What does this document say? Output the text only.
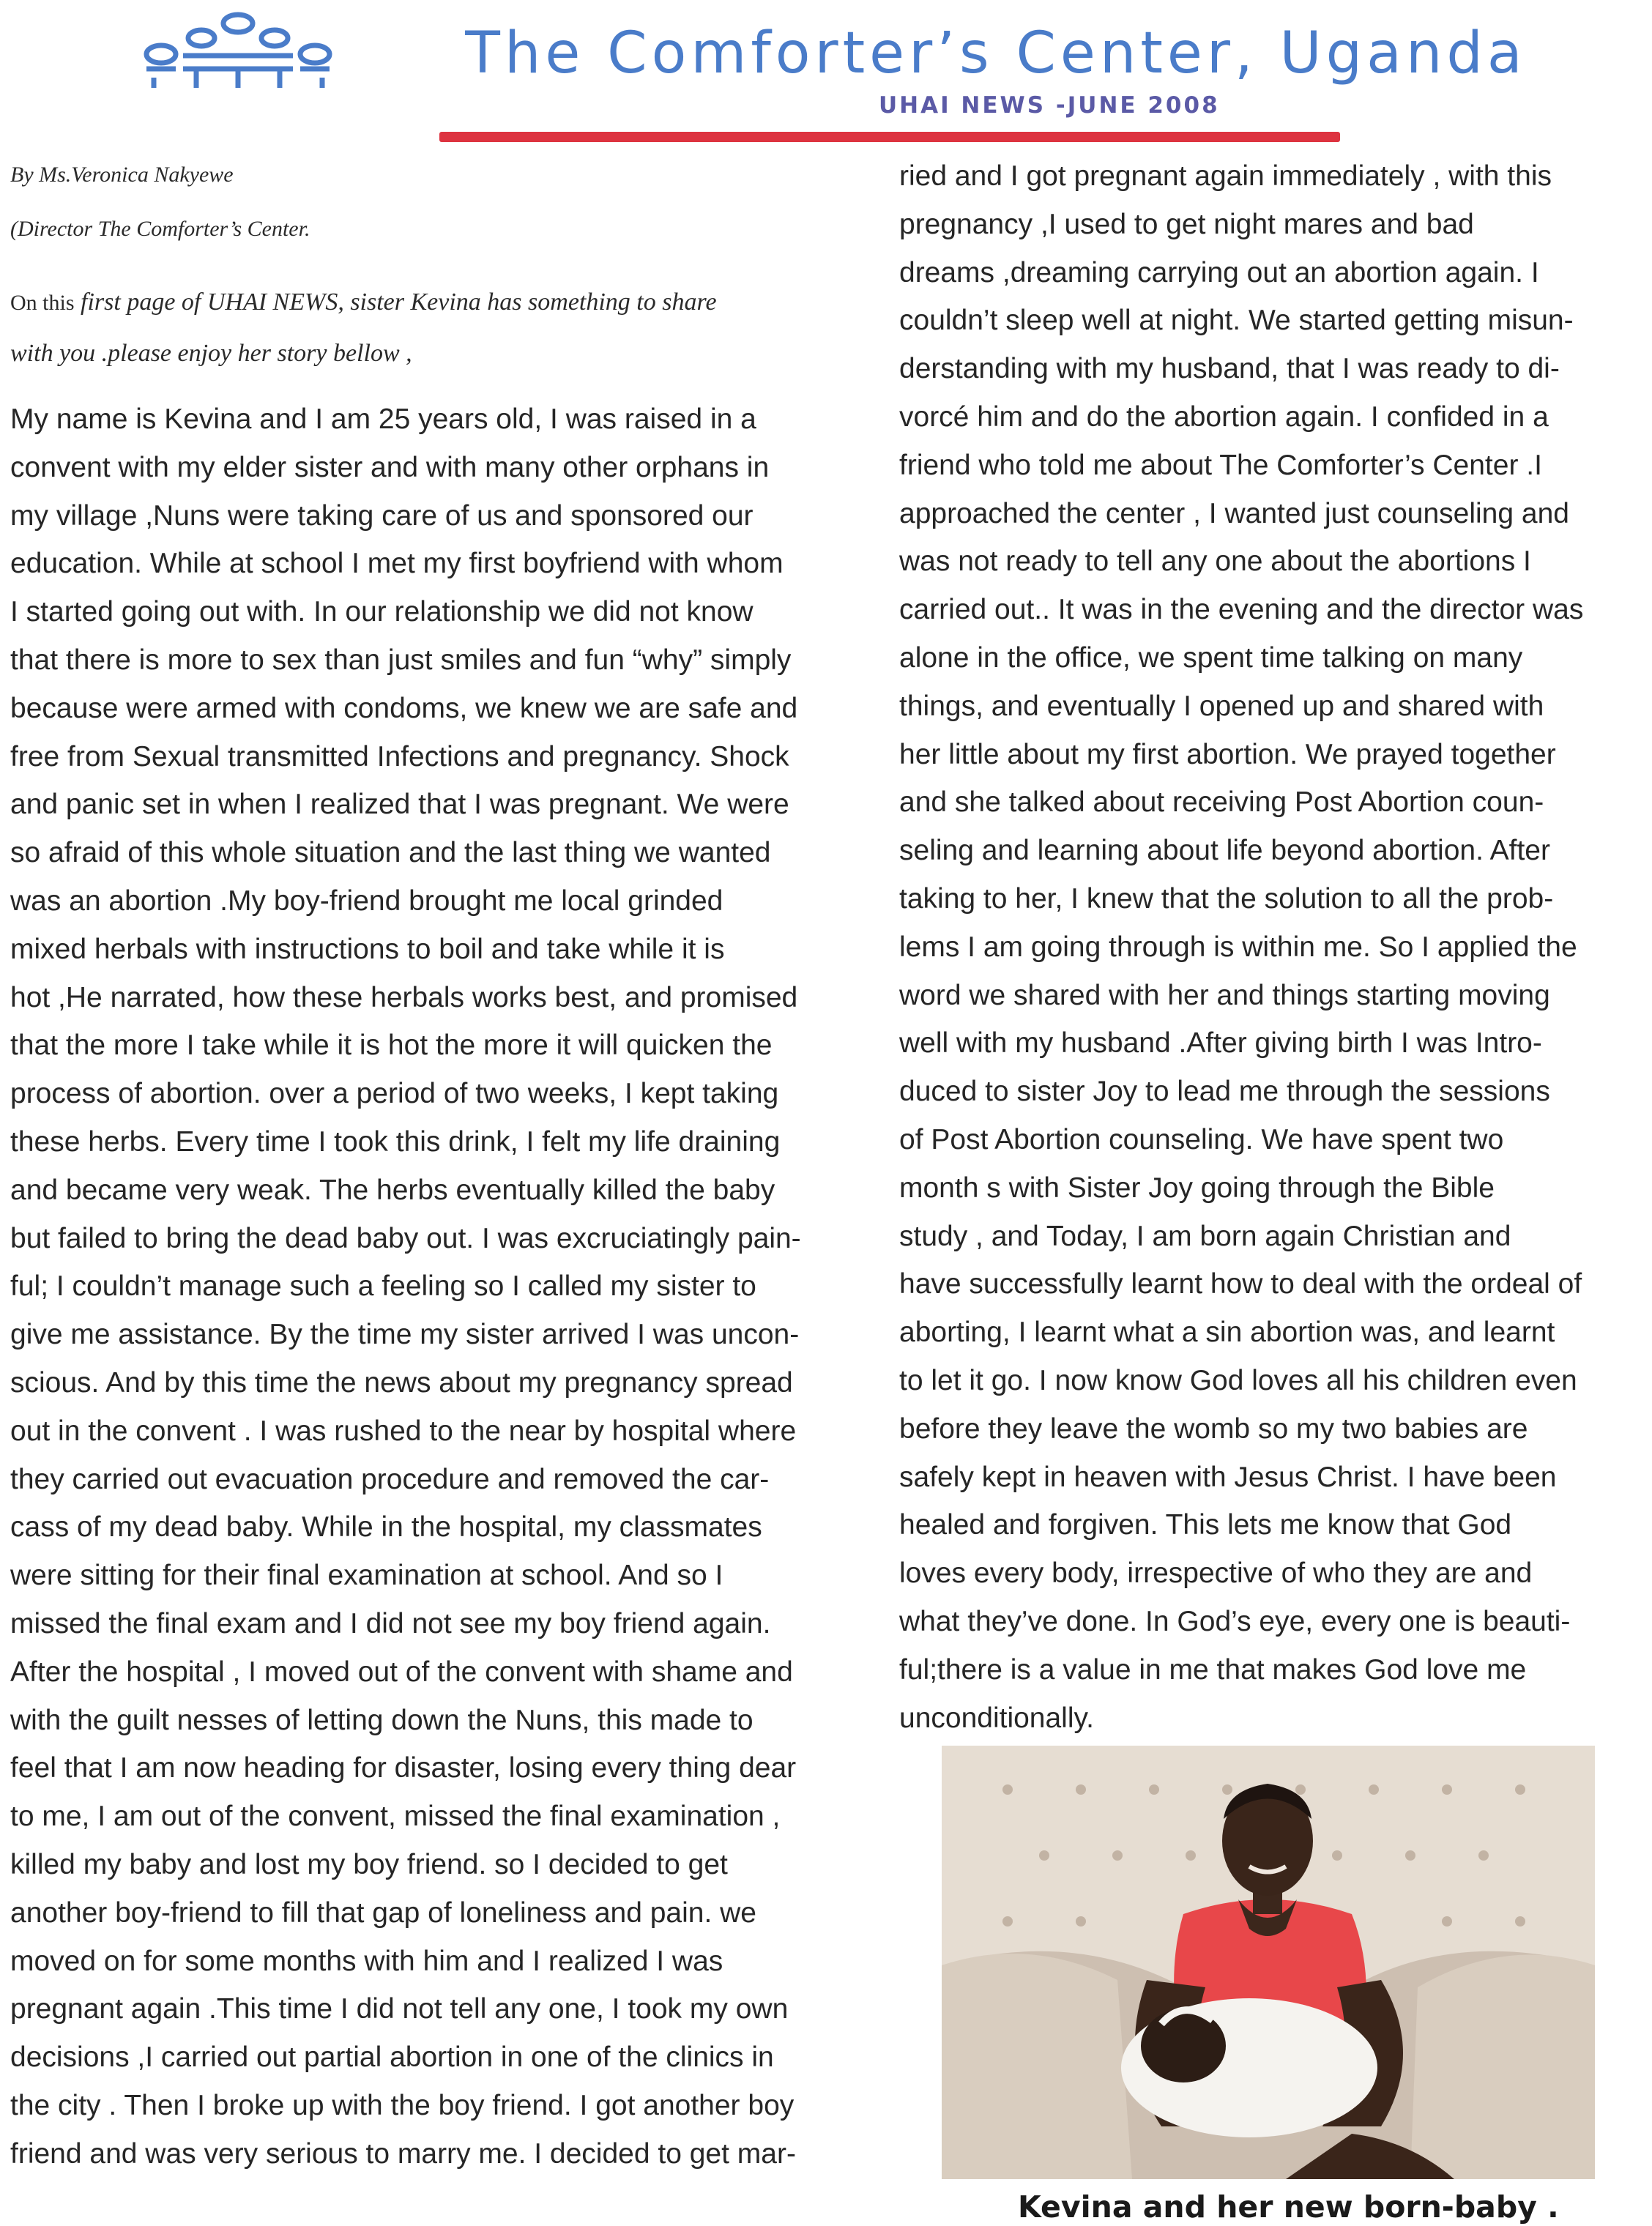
The Comforter’s Center, Uganda
UHAI NEWS -JUNE 2008
By Ms.Veronica Nakyewe
(Director The Comforter’s Center.
On this first page of UHAI NEWS, sister Kevina has something to share
with you .please enjoy her story bellow ,
My name is Kevina and I am 25 years old, I was raised in a
convent with my elder sister and with many other orphans in
my village ,Nuns were taking care of us and sponsored our
education. While at school I met my first boyfriend with whom
I started going out with. In our relationship we did not know
that there is more to sex than just smiles and fun “why” simply
because were armed with condoms, we knew we are safe and
free from Sexual transmitted Infections and pregnancy. Shock
and panic set in when I realized that I was pregnant. We were
so afraid of this whole situation and the last thing we wanted
was an abortion .My boy-friend brought me local grinded
mixed herbals with instructions to boil and take while it is
hot ,He narrated, how these herbals works best, and promised
that the more I take while it is hot the more it will quicken the
process of abortion. over a period of two weeks, I kept taking
these herbs. Every time I took this drink, I felt my life draining
and became very weak. The herbs eventually killed the baby
but failed to bring the dead baby out. I was excruciatingly pain-
ful; I couldn’t manage such a feeling so I called my sister to
give me assistance. By the time my sister arrived I was uncon-
scious. And by this time the news about my pregnancy spread
out in the convent . I was rushed to the near by hospital where
they carried out evacuation procedure and removed the car-
cass of my dead baby. While in the hospital, my classmates
were sitting for their final examination at school. And so I
missed the final exam and I did not see my boy friend again.
After the hospital , I moved out of the convent with shame and
with the guilt nesses of letting down the Nuns, this made to
feel that I am now heading for disaster, losing every thing dear
to me, I am out of the convent, missed the final examination ,
killed my baby and lost my boy friend. so I decided to get
another boy-friend to fill that gap of loneliness and pain. we
moved on for some months with him and I realized I was
pregnant again .This time I did not tell any one, I took my own
decisions ,I carried out partial abortion in one of the clinics in
the city . Then I broke up with the boy friend. I got another boy
friend and was very serious to marry me. I decided to get mar-
ried and I got pregnant again immediately , with this
pregnancy ,I used to get night mares and bad
dreams ,dreaming carrying out an abortion again. I
couldn’t sleep well at night. We started getting misun-
derstanding with my husband, that I was ready to di-
vorcé him and do the abortion again. I confided in a
friend who told me about The Comforter’s Center .I
approached the center , I wanted just counseling and
was not ready to tell any one about the abortions I
carried out.. It was in the evening and the director was
alone in the office, we spent time talking on many
things, and eventually I opened up and shared with
her little about my first abortion. We prayed together
and she talked about receiving Post Abortion coun-
seling and learning about life beyond abortion. After
taking to her, I knew that the solution to all the prob-
lems I am going through is within me. So I applied the
word we shared with her and things starting moving
well with my husband .After giving birth I was Intro-
duced to sister Joy to lead me through the sessions
of Post Abortion counseling. We have spent two
month s with Sister Joy going through the Bible
study , and Today, I am born again Christian and
have successfully learnt how to deal with the ordeal of
aborting, I learnt what a sin abortion was, and learnt
to let it go. I now know God loves all his children even
before they leave the womb so my two babies are
safely kept in heaven with Jesus Christ. I have been
healed and forgiven. This lets me know that God
loves every body, irrespective of who they are and
what they’ve done. In God’s eye, every one is beauti-
ful;there is a value in me that makes God love me
unconditionally.
Kevina and her new born-baby .
